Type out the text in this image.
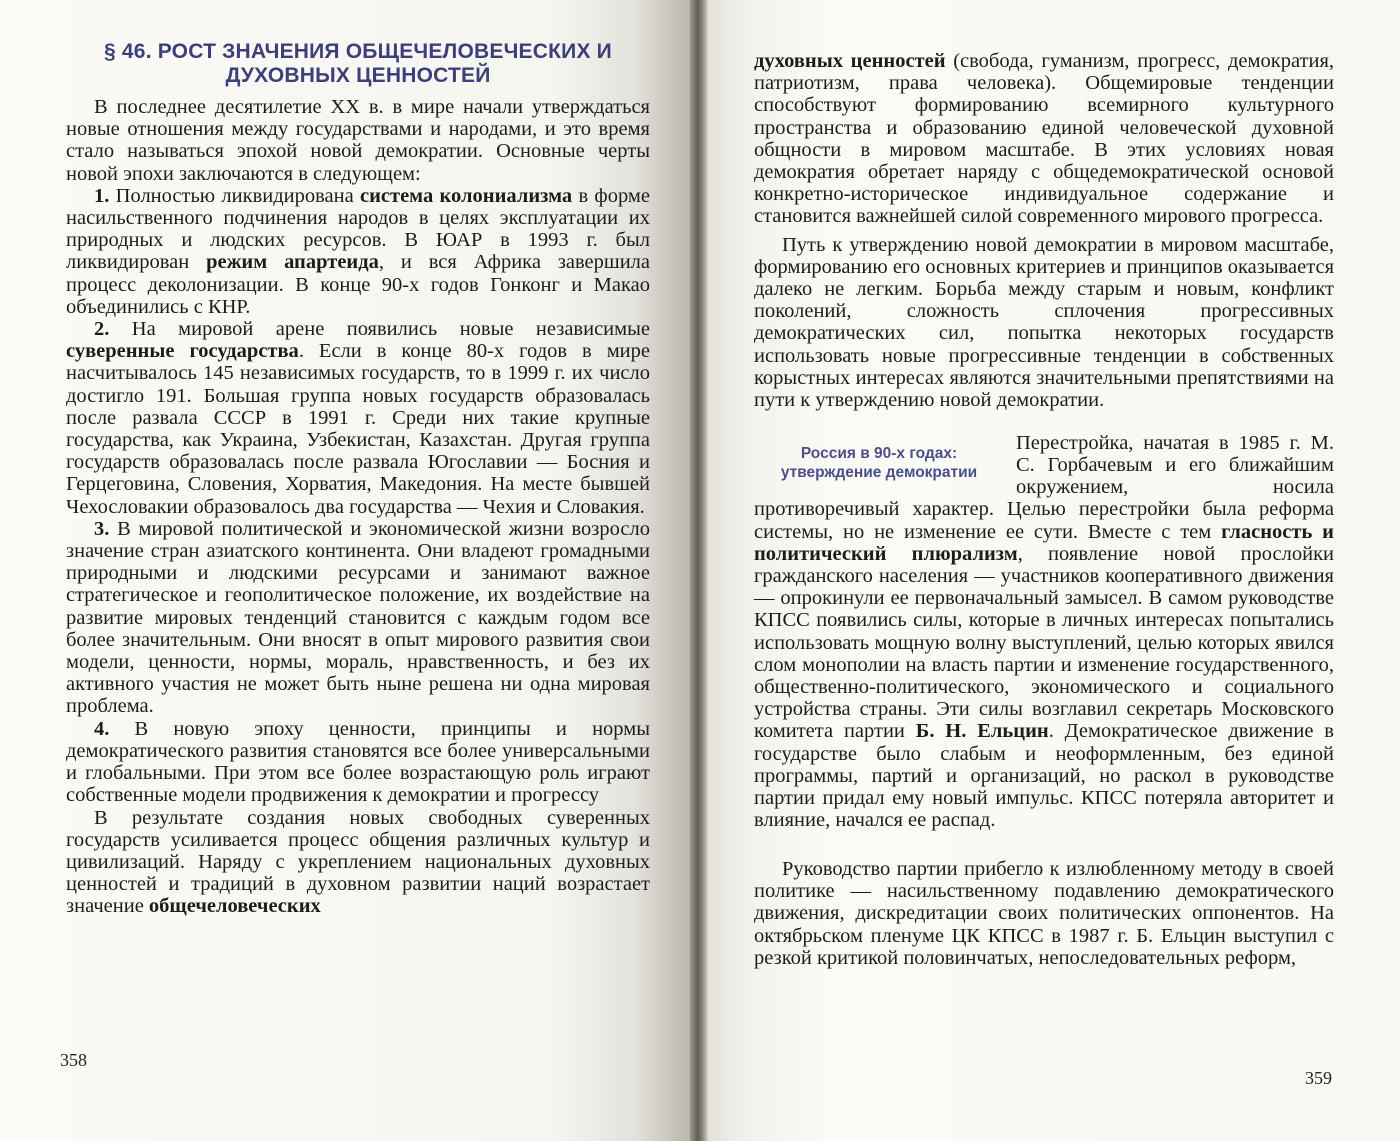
§ 46. РОСТ ЗНАЧЕНИЯ ОБЩЕЧЕЛОВЕЧЕСКИХ И
ДУХОВНЫХ ЦЕННОСТЕЙ

В последнее десятилетие XX в. в мире начали утверждаться новые отношения между государствами и народами, и это время стало называться эпохой новой демократии. Основные черты новой эпохи заключаются в следующем:

1. Полностью ликвидирована система колониализма в форме насильственного подчинения народов в целях эксплуатации их природных и людских ресурсов. В ЮАР в 1993 г. был ликвидирован режим апартеида, и вся Африка завершила процесс деколонизации. В конце 90-х годов Гонконг и Макао объединились с КНР.

2. На мировой арене появились новые независимые суверенные государства. Если в конце 80-х годов в мире насчитывалось 145 независимых государств, то в 1999 г. их число достигло 191. Большая группа новых государств образовалась после развала СССР в 1991 г. Среди них такие крупные государства, как Украина, Узбекистан, Казахстан. Другая группа государств образовалась после развала Югославии — Босния и Герцеговина, Словения, Хорватия, Македония. На месте бывшей Чехословакии образовалось два государства — Чехия и Словакия.

3. В мировой политической и экономической жизни возросло значение стран азиатского континента. Они владеют громадными природными и людскими ресурсами и занимают важное стратегическое и геополитическое положение, их воздействие на развитие мировых тенденций становится с каждым годом все более значительным. Они вносят в опыт мирового развития свои модели, ценности, нормы, мораль, нравственность, и без их активного участия не может быть ныне решена ни одна мировая проблема.

4. В новую эпоху ценности, принципы и нормы демократического развития становятся все более универсальными и глобальными. При этом все более возрастающую роль играют собственные модели продвижения к демократии и прогрессу

В результате создания новых свободных суверенных государств усиливается процесс общения различных культур и цивилизаций. Наряду с укреплением национальных духовных ценностей и традиций в духовном развитии наций возрастает значение общечеловеческих

358

духовных ценностей (свобода, гуманизм, прогресс, демократия, патриотизм, права человека). Общемировые тенденции способствуют формированию всемирного культурного пространства и образованию единой человеческой духовной общности в мировом масштабе. В этих условиях новая демократия обретает наряду с общедемократической основой конкретно-историческое индивидуальное содержание и становится важнейшей силой современного мирового прогресса.

Путь к утверждению новой демократии в мировом масштабе, формированию его основных критериев и принципов оказывается далеко не легким. Борьба между старым и новым, конфликт поколений, сложность сплочения прогрессивных демократических сил, попытка некоторых государств использовать новые прогрессивные тенденции в собственных корыстных интересах являются значительными препятствиями на пути к утверждению новой демократии.

Россия в 90-х годах: утверждение демократии

Перестройка, начатая в 1985 г. М. С. Горбачевым и его ближайшим окружением, носила противоречивый характер. Целью перестройки была реформа системы, но не изменение ее сути. Вместе с тем гласность и политический плюрализм, появление новой прослойки гражданского населения — участников кооперативного движения — опрокинули ее первоначальный замысел. В самом руководстве КПСС появились силы, которые в личных интересах попытались использовать мощную волну выступлений, целью которых явился слом монополии на власть партии и изменение государственного, общественно-политического, экономического и социального устройства страны. Эти силы возглавил секретарь Московского комитета партии Б. Н. Ельцин. Демократическое движение в государстве было слабым и неоформленным, без единой программы, партий и организаций, но раскол в руководстве партии придал ему новый импульс. КПСС потеряла авторитет и влияние, начался ее распад.

Руководство партии прибегло к излюбленному методу в своей политике — насильственному подавлению демократического движения, дискредитации своих политических оппонентов. На октябрьском пленуме ЦК КПСС в 1987 г. Б. Ельцин выступил с резкой критикой половинчатых, непоследовательных реформ,

359
